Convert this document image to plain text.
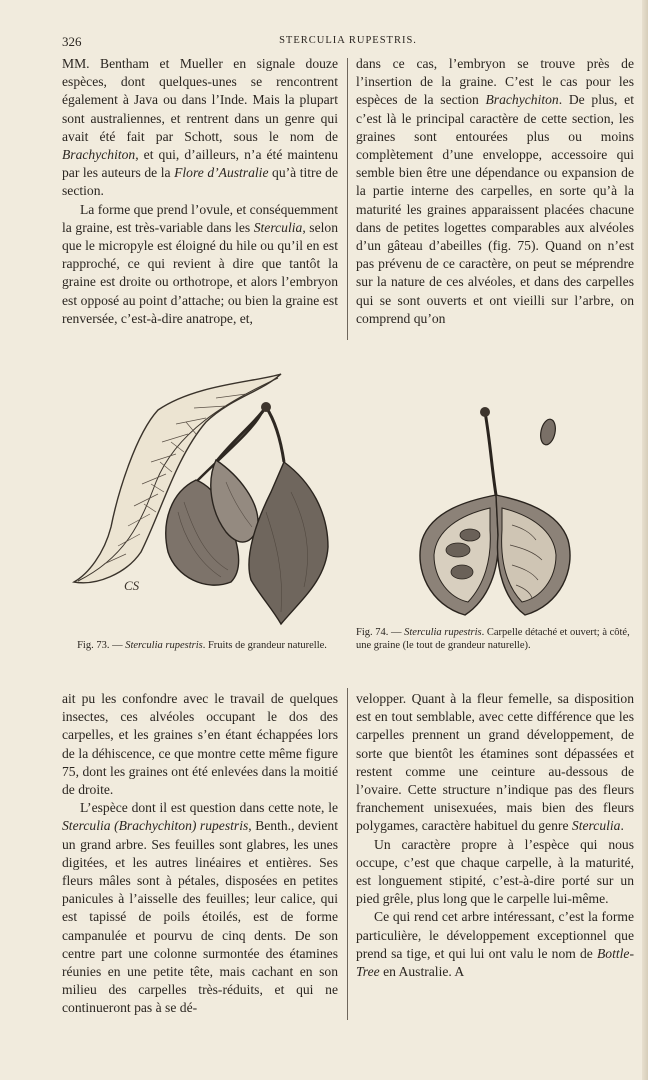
326	STERCULIA RUPESTRIS.

MM. Bentham et Mueller en signale douze espèces, dont quelques-unes se rencontrent également à Java ou dans l’Inde. Mais la plupart sont australiennes, et rentrent dans un genre qui avait été fait par Schott, sous le nom de Brachychiton, et qui, d’ailleurs, n’a été maintenu par les auteurs de la Flore d’Australie qu’à titre de section.

La forme que prend l’ovule, et conséquemment la graine, est très-variable dans les Sterculia, selon que le micropyle est éloigné du hile ou qu’il en est rapproché, ce qui revient à dire que tantôt la graine est droite ou orthotrope, et alors l’embryon est opposé au point d’attache; ou bien la graine est renversée, c’est-à-dire anatrope, et,

dans ce cas, l’embryon se trouve près de l’insertion de la graine. C’est le cas pour les espèces de la section Brachychiton. De plus, et c’est là le principal caractère de cette section, les graines sont entourées plus ou moins complètement d’une enveloppe, accessoire qui semble bien être une dépendance ou expansion de la partie interne des carpelles, en sorte qu’à la maturité les graines apparaissent placées chacune dans de petites logettes comparables aux alvéoles d’un gâteau d’abeilles (fig. 75). Quand on n’est pas prévenu de ce caractère, on peut se méprendre sur la nature de ces alvéoles, et dans des carpelles qui se sont ouverts et ont vieilli sur l’arbre, on comprend qu’on

CS
Fig. 73. — Sterculia rupestris. Fruits de grandeur naturelle.
Fig. 74. — Sterculia rupestris. Carpelle détaché et ouvert; à côté, une graine (le tout de grandeur naturelle).

ait pu les confondre avec le travail de quelques insectes, ces alvéoles occupant le dos des carpelles, et les graines s’en étant échappées lors de la déhiscence, ce que montre cette même figure 75, dont les graines ont été enlevées dans la moitié de droite.

L’espèce dont il est question dans cette note, le Sterculia (Brachychiton) rupestris, Benth., devient un grand arbre. Ses feuilles sont glabres, les unes digitées, et les autres linéaires et entières. Ses fleurs mâles sont à pétales, disposées en petites panicules à l’aisselle des feuilles; leur calice, qui est tapissé de poils étoilés, est de forme campanulée et pourvu de cinq dents. De son centre part une colonne surmontée des étamines réunies en une petite tête, mais cachant en son milieu des carpelles très-réduits, et qui ne continueront pas à se dé-

velopper. Quant à la fleur femelle, sa disposition est en tout semblable, avec cette différence que les carpelles prennent un grand développement, de sorte que bientôt les étamines sont dépassées et restent comme une ceinture au-dessous de l’ovaire. Cette structure n’indique pas des fleurs franchement unisexuées, mais bien des fleurs polygames, caractère habituel du genre Sterculia.

Un caractère propre à l’espèce qui nous occupe, c’est que chaque carpelle, à la maturité, est longuement stipité, c’est-à-dire porté sur un pied grêle, plus long que le carpelle lui-même.

Ce qui rend cet arbre intéressant, c’est la forme particulière, le développement exceptionnel que prend sa tige, et qui lui ont valu le nom de Bottle-Tree en Australie. A
